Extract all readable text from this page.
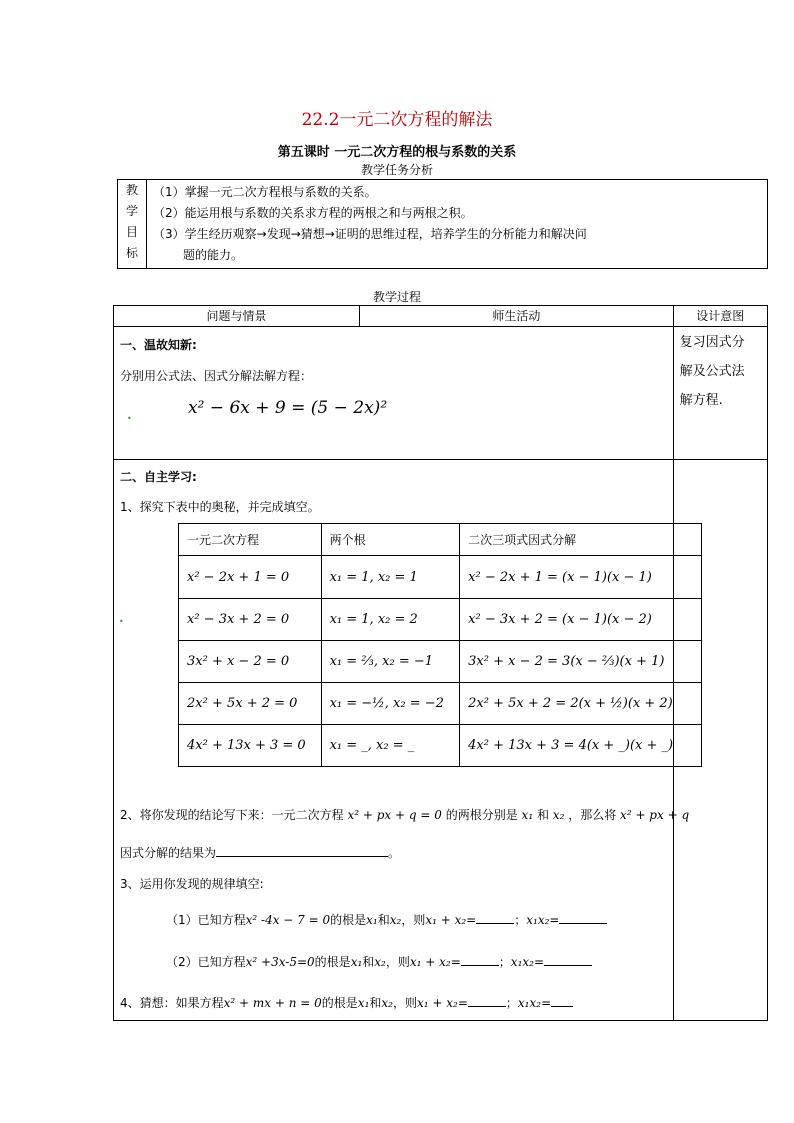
22.2一元二次方程的解法
第五课时 一元二次方程的根与系数的关系
教学任务分析
教
学
目
标

（1）掌握一元二次方程根与系数的关系。
（2）能运用根与系数的关系求方程的两根之和与两根之积。
（3）学生经历观察→发现→猜想→证明的思维过程，培养学生的分析能力和解决问
题的能力。
教学过程
问题与情景	师生活动	设计意图

		复习因式分
解及公式法
解方程.

一、温故知新:
分别用公式法、因式分解法解方程：
•
x² − 6x + 9 = (5 − 2x)²
二、自主学习:
1、探究下表中的奥秘，并完成填空。
•
一元二次方程	两个根	二次三项式因式分解
x² − 2x + 1 = 0	x₁ = 1, x₂ = 1	x² − 2x + 1 = (x − 1)(x − 1)
x² − 3x + 2 = 0	x₁ = 1, x₂ = 2	x² − 3x + 2 = (x − 1)(x − 2)
3x² + x − 2 = 0	x₁ = ⅔, x₂ = −1	3x² + x − 2 = 3(x − ⅔)(x + 1)
2x² + 5x + 2 = 0	x₁ = −½, x₂ = −2	2x² + 5x + 2 = 2(x + ½)(x + 2)
4x² + 13x + 3 = 0	x₁ = _, x₂ = _	4x² + 13x + 3 = 4(x + _)(x + _)
2、将你发现的结论写下来：一元二次方程 x² + px + q = 0 的两根分别是 x₁ 和 x₂ ，那么将 x² + px + q
因式分解的结果为	。
3、运用你发现的规律填空:
（1）已知方程x² -4x − 7 = 0的根是x₁和x₂，则x₁ + x₂=	；x₁x₂=
（2）已知方程x² +3x-5=0的根是x₁和x₂，则x₁ + x₂=	；x₁x₂=
4、猜想：如果方程x² + mx + n = 0的根是x₁和x₂，则x₁ + x₂=	；x₁x₂=
